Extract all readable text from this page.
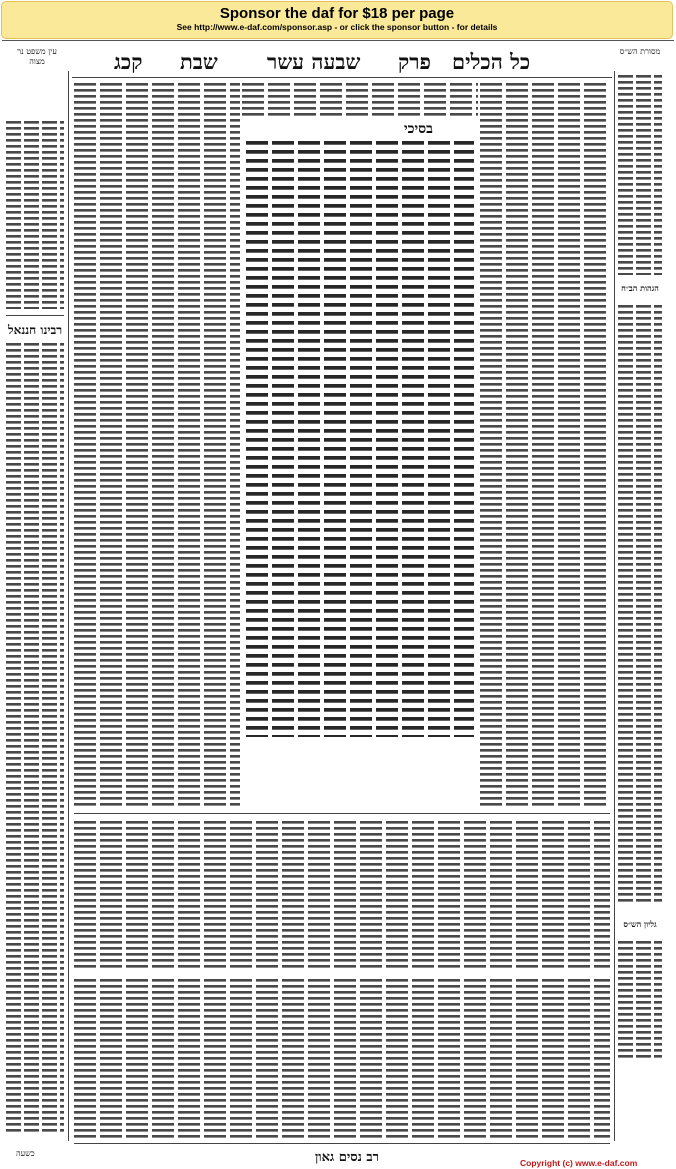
Sponsor the daf for $18 per page
See http://www.e-daf.com/sponsor.asp - or click the sponsor button - for details
כל הכלים
פרק
שבעה עשר
שבת
קכג
עין משפט נר מצוה
מסורת הש״ס
רבינו חננאל
הגהות הב״ח
גליון הש״ס
בסיכי
רב נסים גאון
כשעה
Copyright (c) www.e-daf.com
